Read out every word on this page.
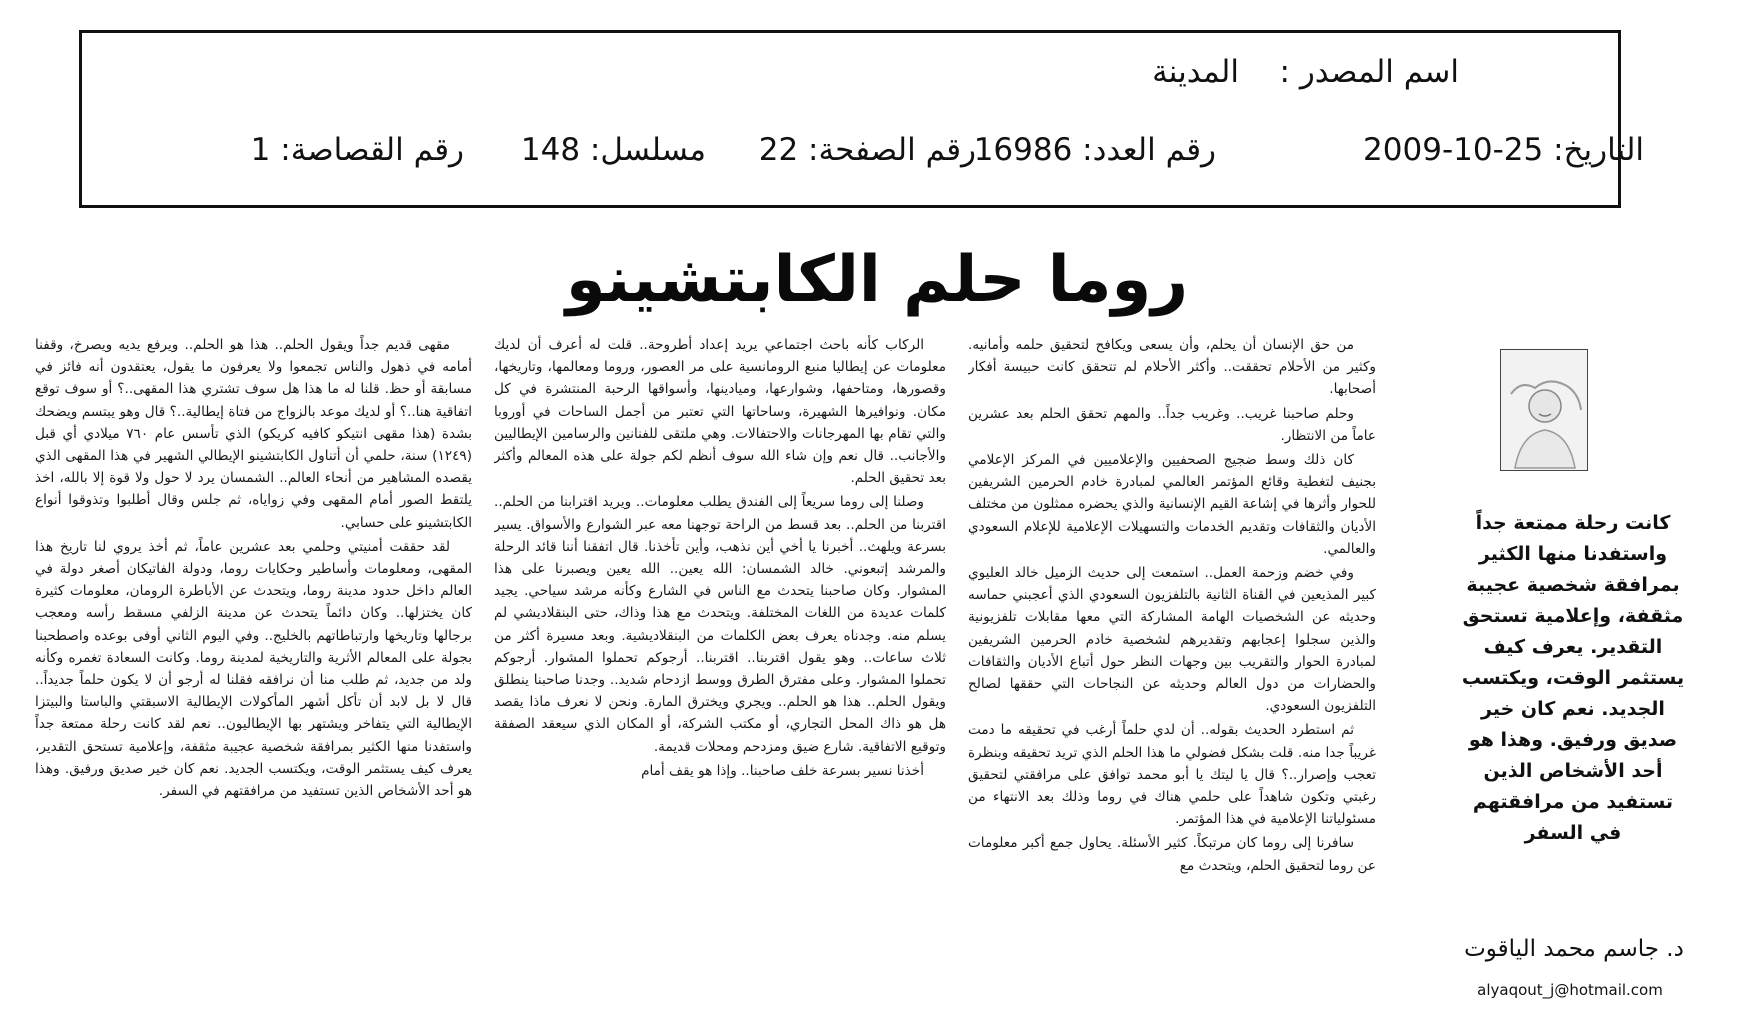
اسم المصدر :
المدينة
التاريخ: 25-10-2009
رقم العدد: 16986
رقم الصفحة: 22
مسلسل: 148
رقم القصاصة: 1
روما حلم الكابتشينو

من حق الإنسان أن يحلم، وأن يسعى ويكافح لتحقيق حلمه وأمانيه. وكثير من الأحلام تحققت.. وأكثر الأحلام لم تتحقق كانت حبيسة أفكار أصحابها.

وحلم صاحبنا غريب.. وغريب جداً.. والمهم تحقق الحلم بعد عشرين عاماً من الانتظار.

كان ذلك وسط ضجيج الصحفيين والإعلاميين في المركز الإعلامي بجنيف لتغطية وقائع المؤتمر العالمي لمبادرة خادم الحرمين الشريفين للحوار وأثرها في إشاعة القيم الإنسانية والذي يحضره ممثلون من مختلف الأديان والثقافات وتقديم الخدمات والتسهيلات الإعلامية للإعلام السعودي والعالمي.

وفي خضم وزحمة العمل.. استمعت إلى حديث الزميل خالد العليوي كبير المذيعين في القناة الثانية بالتلفزيون السعودي الذي أعجبني حماسه وحديثه عن الشخصيات الهامة المشاركة التي معها مقابلات تلفزيونية والذين سجلوا إعجابهم وتقديرهم لشخصية خادم الحرمين الشريفين لمبادرة الحوار والتقريب بين وجهات النظر حول أتباع الأديان والثقافات والحضارات من دول العالم وحديثه عن النجاحات التي حققها لصالح التلفزيون السعودي.

ثم استطرد الحديث بقوله.. أن لدي حلماً أرغب في تحقيقه ما دمت غريباً جدا منه. قلت بشكل فضولي ما هذا الحلم الذي تريد تحقيقه وبنظرة تعجب وإصرار..؟ قال يا ليتك يا أبو محمد توافق على مرافقتي لتحقيق رغبتي وتكون شاهداً على حلمي هناك في روما وذلك بعد الانتهاء من مسئولياتنا الإعلامية في هذا المؤتمر.

سافرنا إلى روما كان مرتبكاً. كثير الأسئلة. يحاول جمع أكبر معلومات عن روما لتحقيق الحلم، ويتحدث مع

الركاب كأنه باحث اجتماعي يريد إعداد أطروحة.. قلت له أعرف أن لديك معلومات عن إيطاليا منبع الرومانسية على مر العصور، وروما ومعالمها، وتاريخها، وقصورها، ومتاحفها، وشوارعها، وميادينها، وأسواقها الرحبة المنتشرة في كل مكان. ونوافيرها الشهيرة، وساحاتها التي تعتبر من أجمل الساحات في أوروبا والتي تقام بها المهرجانات والاحتفالات. وهي ملتقى للفنانين والرسامين الإيطاليين والأجانب.. قال نعم وإن شاء الله سوف أنظم لكم جولة على هذه المعالم وأكثر بعد تحقيق الحلم.

وصلنا إلى روما سريعاً إلى الفندق يطلب معلومات.. ويريد اقترابنا من الحلم.. اقتربنا من الحلم.. بعد قسط من الراحة توجهنا معه عبر الشوارع والأسواق. يسير بسرعة ويلهث.. أخبرنا يا أخي أين نذهب، وأين تأخذنا. قال اتفقنا أننا قائد الرحلة والمرشد إتبعوني. خالد الشمسان: الله يعين.. الله يعين ويصبرنا على هذا المشوار. وكان صاحبنا يتحدث مع الناس في الشارع وكأنه مرشد سياحي. يجيد كلمات عديدة من اللغات المختلفة. ويتحدث مع هذا وذاك، حتى البنقلاديشي لم يسلم منه. وجدناه يعرف بعض الكلمات من البنقلاديشية. وبعد مسيرة أكثر من ثلاث ساعات.. وهو يقول اقتربنا.. اقتربنا.. أرجوكم تحملوا المشوار. أرجوكم تحملوا المشوار. وعلى مفترق الطرق ووسط ازدحام شديد.. وجدنا صاحبنا ينطلق ويقول الحلم.. هذا هو الحلم.. ويجري ويخترق المارة. ونحن لا نعرف ماذا يقصد هل هو ذاك المحل التجاري، أو مكتب الشركة، أو المكان الذي سيعقد الصفقة وتوقيع الاتفاقية. شارع ضيق ومزدحم ومحلات قديمة.

أخذنا نسير بسرعة خلف صاحبنا.. وإذا هو يقف أمام

مقهى قديم جداً ويقول الحلم.. هذا هو الحلم.. ويرفع يديه ويصرخ، وقفنا أمامه في ذهول والناس تجمعوا ولا يعرفون ما يقول، يعتقدون أنه فائز في مسابقة أو حظ. قلنا له ما هذا هل سوف تشتري هذا المقهى..؟ أو سوف توقع اتفاقية هنا..؟ أو لديك موعد بالزواج من فتاة إيطالية..؟ قال وهو يبتسم ويضحك بشدة (هذا مقهى انتيكو كافيه كريكو) الذي تأسس عام ٧٦٠ ميلادي أي قبل (١٢٤٩) سنة، حلمي أن أتناول الكابتشينو الإيطالي الشهير في هذا المقهى الذي يقصده المشاهير من أنحاء العالم.. الشمسان يرد لا حول ولا قوة إلا بالله، اخذ يلتقط الصور أمام المقهى وفي زواياه، ثم جلس وقال أطلبوا وتذوقوا أنواع الكابتشينو على حسابي.

لقد حققت أمنيتي وحلمي بعد عشرين عاماً، ثم أخذ يروي لنا تاريخ هذا المقهى، ومعلومات وأساطير وحكايات روما، ودولة الفاتيكان أصغر دولة في العالم داخل حدود مدينة روما، ويتحدث عن الأباطرة الرومان، معلومات كثيرة كان يختزلها.. وكان دائماً يتحدث عن مدينة الزلفي مسقط رأسه ومعجب برجالها وتاريخها وارتباطاتهم بالخليج.. وفي اليوم الثاني أوفى بوعده واصطحبنا بجولة على المعالم الأثرية والتاريخية لمدينة روما. وكانت السعادة تغمره وكأنه ولد من جديد، ثم طلب منا أن نرافقه فقلنا له أرجو أن لا يكون حلماً جديداً.. قال لا بل لابد أن تأكل أشهر المأكولات الإيطالية الاسبقتي والباستا والبيتزا الإيطالية التي يتفاخر ويشتهر بها الإيطاليون.. نعم لقد كانت رحلة ممتعة جداً واستفدنا منها الكثير بمرافقة شخصية عجيبة مثقفة، وإعلامية تستحق التقدير، يعرف كيف يستثمر الوقت، ويكتسب الجديد. نعم كان خير صديق ورفيق. وهذا هو أحد الأشخاص الذين تستفيد من مرافقتهم في السفر.

كانت رحلة ممتعة جداً واستفدنا منها الكثير بمرافقة شخصية عجيبة مثقفة، وإعلامية تستحق التقدير. يعرف كيف يستثمر الوقت، ويكتسب الجديد. نعم كان خير صديق ورفيق. وهذا هو أحد الأشخاص الذين تستفيد من مرافقتهم في السفر
د. جاسم محمد الياقوت
alyaqout_j@hotmail.com
